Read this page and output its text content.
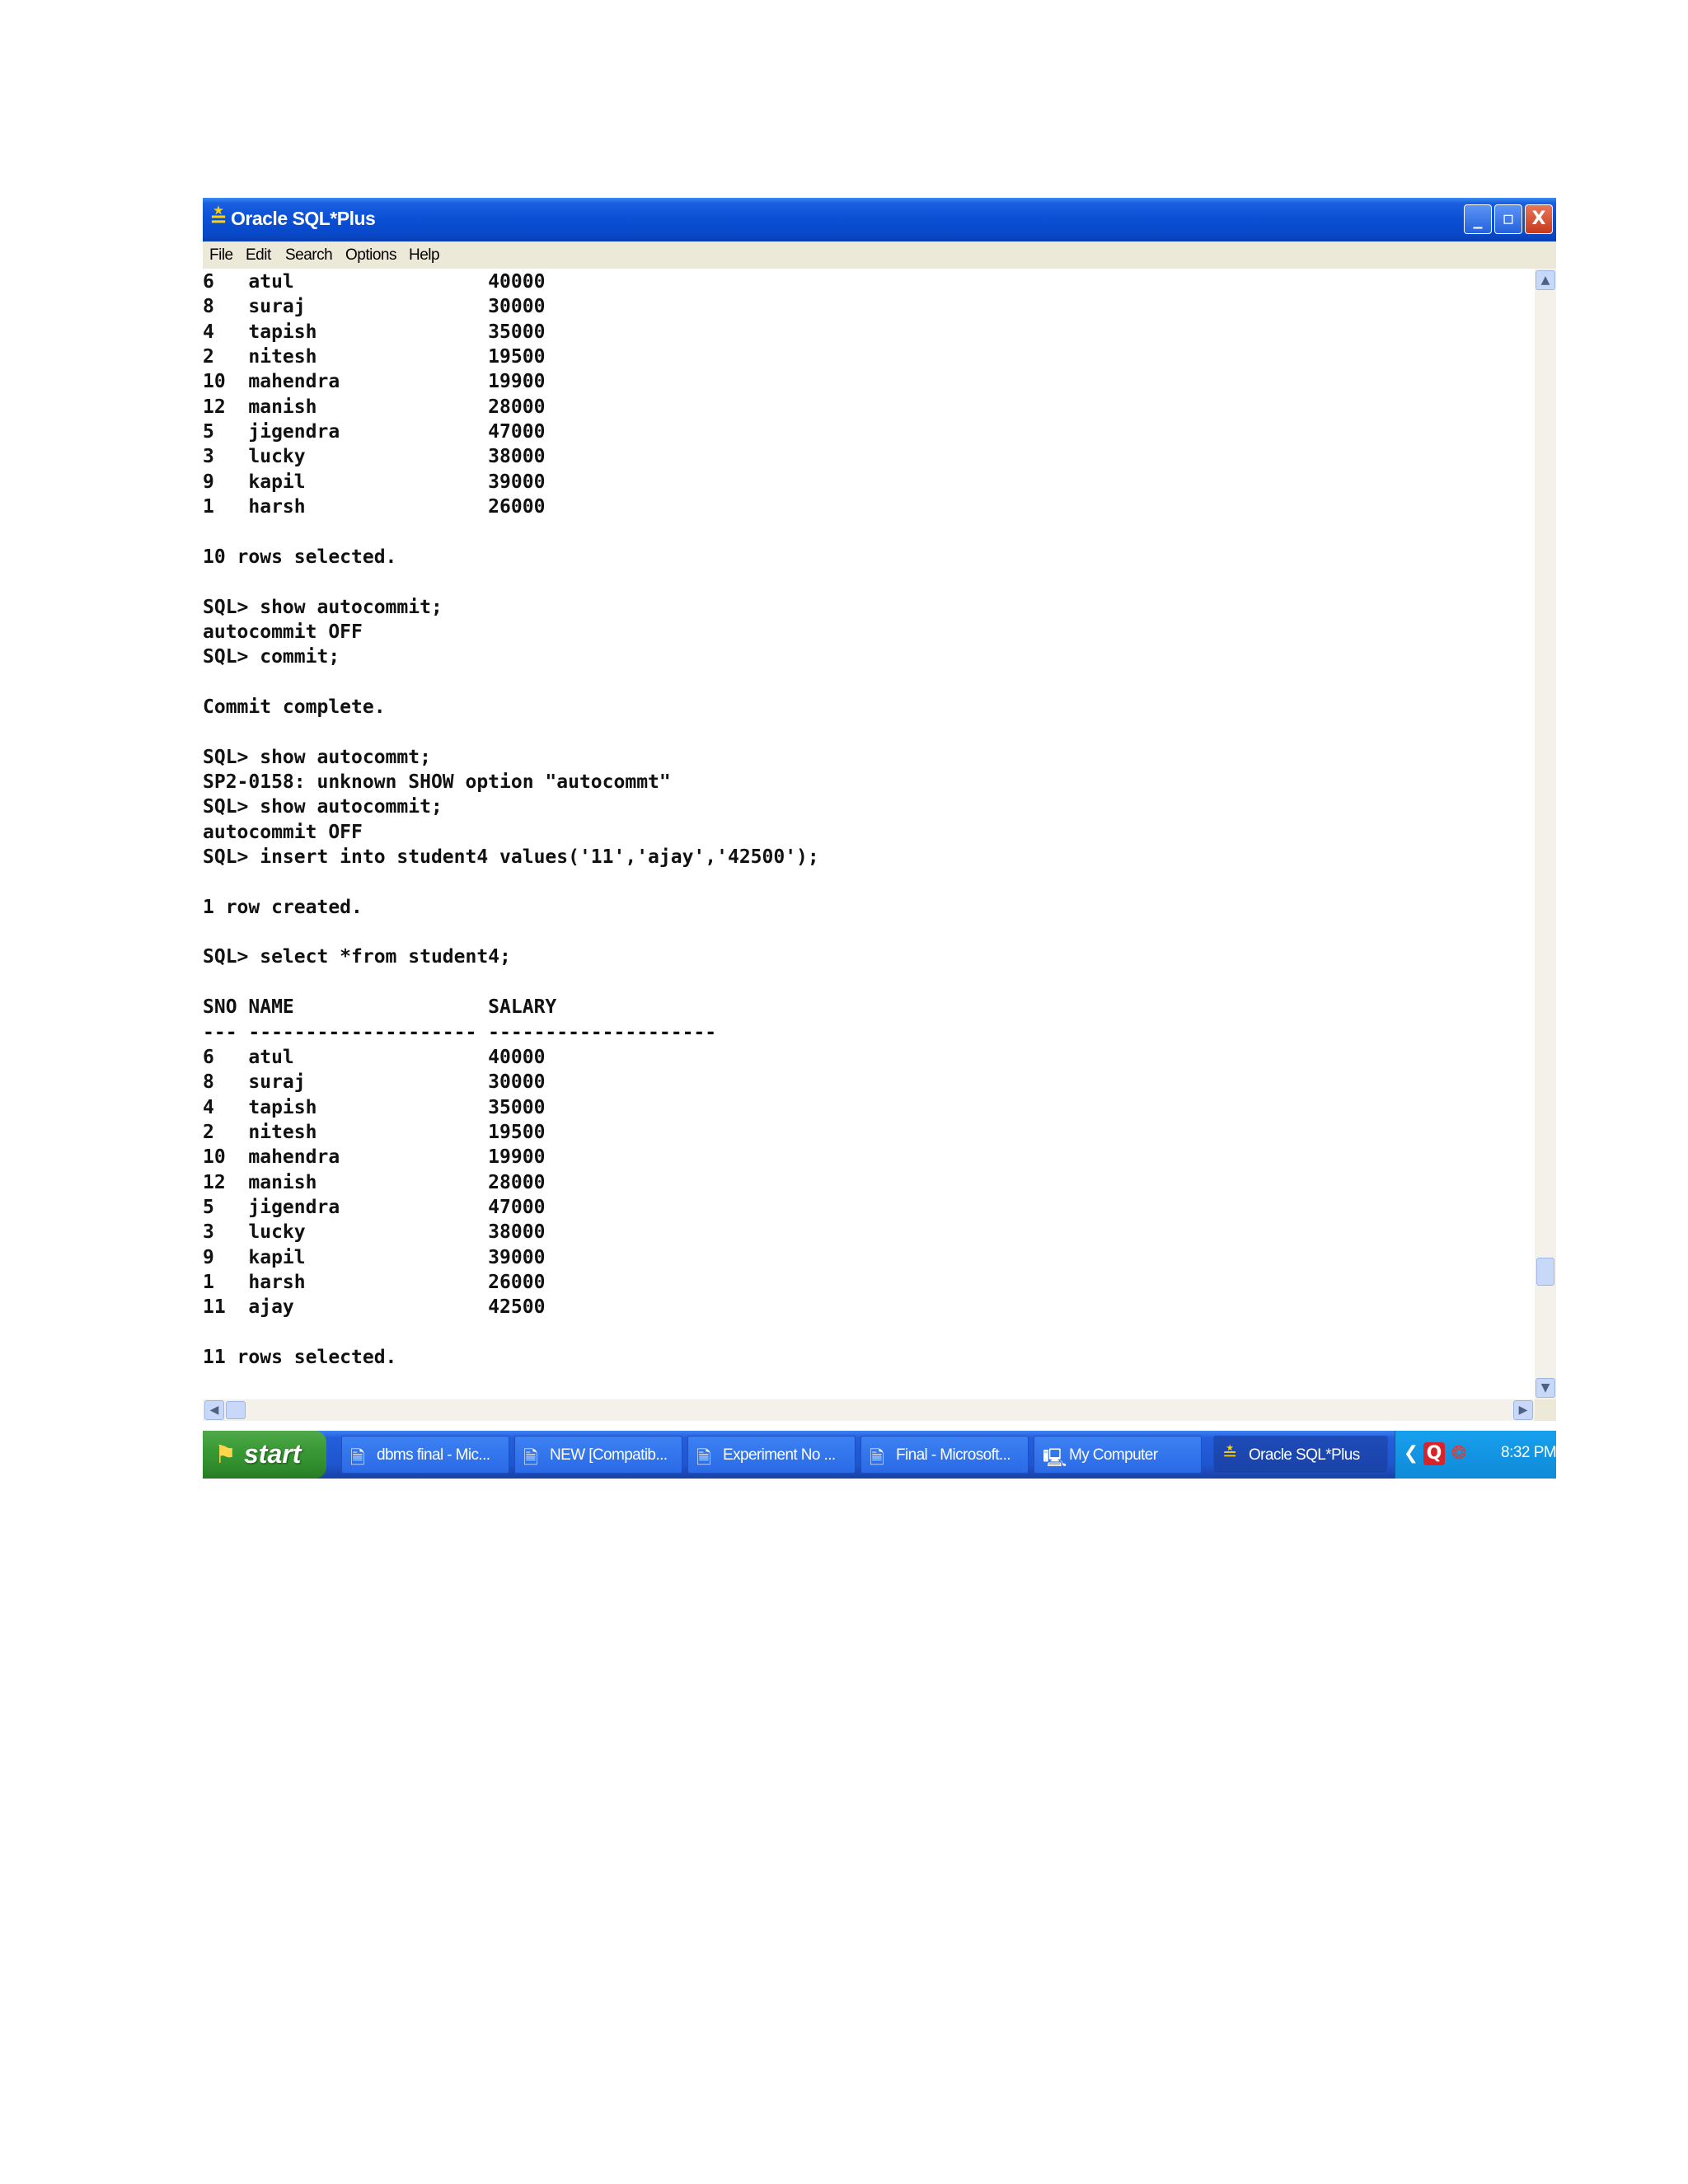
≛ Oracle SQL*Plus	_	▫ X
File Edit Search Options Help
6   atul                 40000
8   suraj                30000
4   tapish               35000
2   nitesh               19500
10  mahendra             19900
12  manish               28000
5   jigendra             47000
3   lucky                38000
9   kapil                39000
1   harsh                26000
10 rows selected.
SQL> show autocommit;
autocommit OFF
SQL> commit;
Commit complete.
SQL> show autocommt;
SP2-0158: unknown SHOW option "autocommt"
SQL> show autocommit;
autocommit OFF
SQL> insert into student4 values('11','ajay','42500');
1 row created.
SQL> select *from student4;
SNO NAME                 SALARY
--- -------------------- --------------------
6   atul                 40000
8   suraj                30000
4   tapish               35000
2   nitesh               19500
10  mahendra             19900
12  manish               28000
5   jigendra             47000
3   lucky                38000
9   kapil                39000
1   harsh                26000
11  ajay                 42500
11 rows selected.
▲
▼
◀	▶
⚑ start	🗎 dbms final - Mic... 🗎 NEW [Compatib... 🗎 Experiment No ... 🗎 Final - Microsoft... 🖳 My Computer	≛ Oracle SQL*Plus ❮ Q ❂ 8:32 PM
